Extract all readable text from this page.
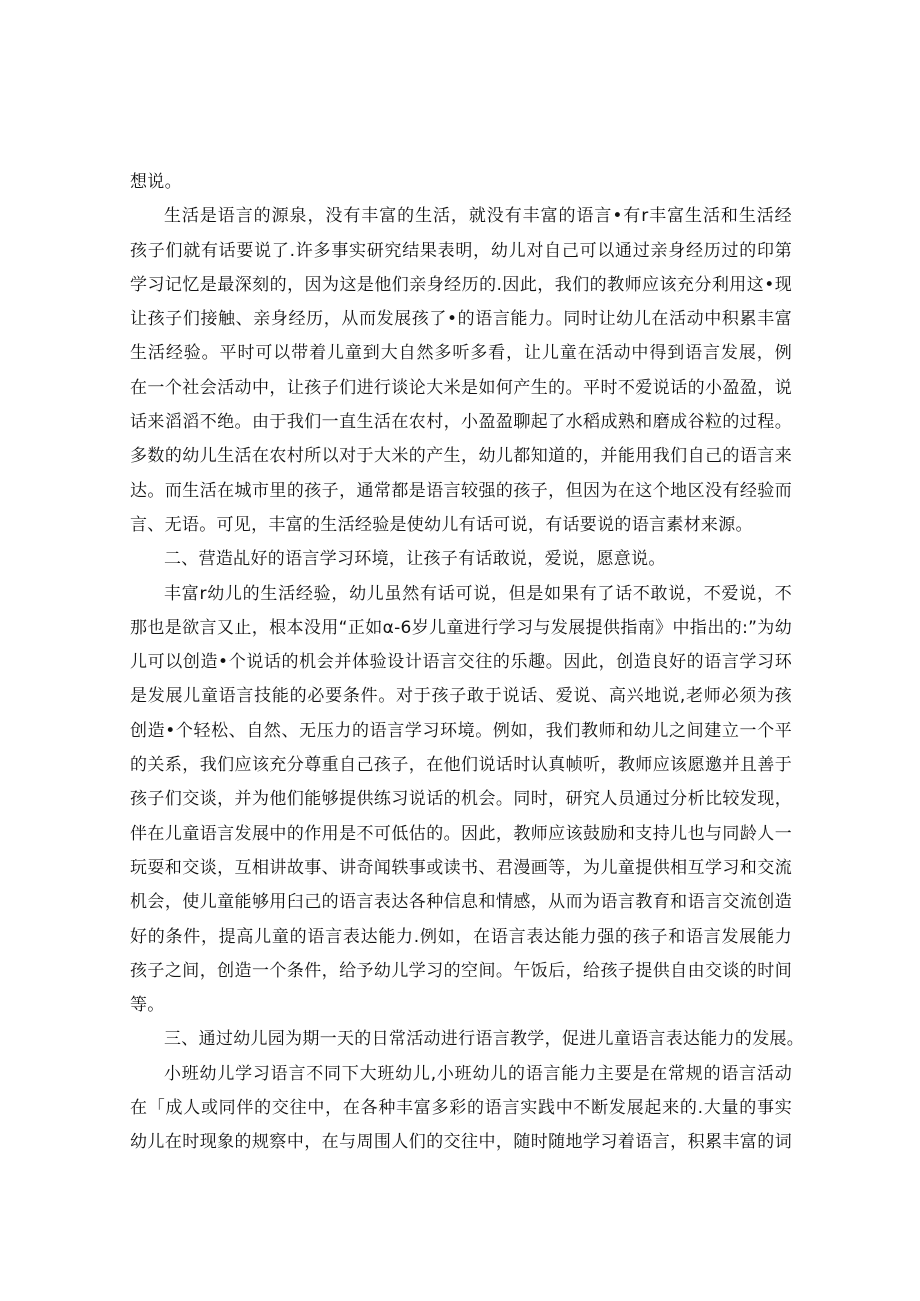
想说。
生活是语言的源泉，没有丰富的生活，就没有丰富的语言•有r丰富生活和生活经
孩子们就有话要说了.许多事实研究结果表明，幼儿对自己可以通过亲身经历过的印第
学习记忆是最深刻的，因为这是他们亲身经历的.因此，我们的教师应该充分利用这•现
让孩子们接触、亲身经历，从而发展孩了•的语言能力。同时让幼儿在活动中积累丰富
生活经验。平时可以带着儿童到大自然多听多看，让儿童在活动中得到语言发展，例
在一个社会活动中，让孩子们进行谈论大米是如何产生的。平时不爱说话的小盈盈，说
话来滔滔不绝。由于我们一直生活在农村，小盈盈聊起了水稻成熟和磨成谷粒的过程。
多数的幼儿生活在农村所以对于大米的产生，幼儿都知道的，并能用我们自己的语言来
达。而生活在城市里的孩子，通常都是语言较强的孩子，但因为在这个地区没有经验而
言、无语。可见，丰富的生活经验是使幼儿有话可说，有话要说的语言素材来源。
二、营造乩好的语言学习环境，让孩子有话敢说，爱说，愿意说。
丰富r幼儿的生活经验，幼儿虽然有话可说，但是如果有了话不敢说，不爱说，不
那也是欲言又止，根本没用“正如α-6岁儿童进行学习与发展提供指南》中指出的:”为幼
儿可以创造•个说话的机会并体验设计语言交往的乐趣。因此，创造良好的语言学习环
是发展儿童语言技能的必要条件。对于孩子敢于说话、爱说、高兴地说,老师必须为孩
创造•个轻松、自然、无压力的语言学习环境。例如，我们教师和幼儿之间建立一个平
的关系，我们应该充分尊重自己孩子，在他们说话时认真帧听，教师应该愿邀并且善于
孩子们交谈，并为他们能够提供练习说话的机会。同时，研究人员通过分析比较发现，
伴在儿童语言发展中的作用是不可低估的。因此，教师应该鼓励和支持儿也与同龄人一
玩耍和交谈，互相讲故事、讲奇闻轶事或读书、君漫画等，为儿童提供相互学习和交流
机会，使儿童能够用臼己的语言表达各种信息和情感，从而为语言教育和语言交流创造
好的条件，提高儿童的语言表达能力.例如，在语言表达能力强的孩子和语言发展能力
孩子之间，创造一个条件，给予幼儿学习的空间。午饭后，给孩子提供自由交谈的时间
等。
三、通过幼儿园为期一天的日常活动进行语言教学，促进儿童语言表达能力的发展。
小班幼儿学习语言不同下大班幼儿,小班幼儿的语言能力主要是在常规的语言活动
在「成人或同伴的交往中，在各种丰富多彩的语言实践中不断发展起来的.大量的事实
幼儿在时现象的规察中，在与周围人们的交往中，随时随地学习着语言，积累丰富的词
